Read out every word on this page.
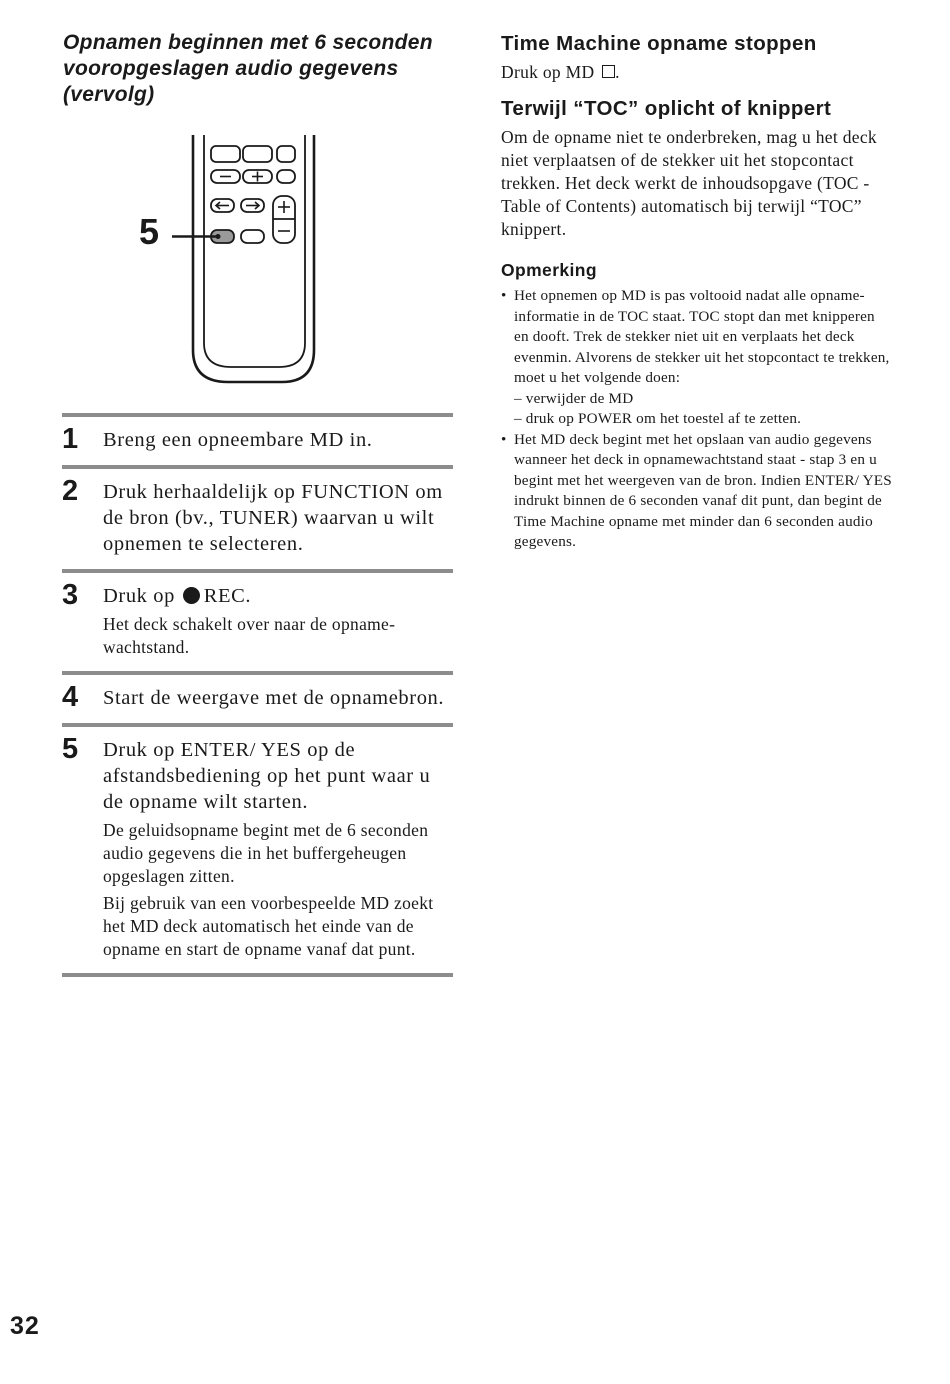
Opnamen beginnen met 6 seconden vooropgeslagen audio gegevens (vervolg)
5
1 Breng een opneembare MD in.
2 Druk herhaaldelijk op FUNCTION om de bron (bv., TUNER) waarvan u wilt opnemen te selecteren.
3 Druk op REC.
Het deck schakelt over naar de opname-wachtstand.
4 Start de weergave met de opnamebron.
5 Druk op ENTER/ YES op de afstandsbediening op het punt waar u de opname wilt starten.
De geluidsopname begint met de 6 seconden audio gegevens die in het buffergeheugen opgeslagen zitten.
Bij gebruik van een voorbespeelde MD zoekt het MD deck automatisch het einde van de opname en start de opname vanaf dat punt.
Time Machine opname stoppen
Druk op MD .
Terwijl “TOC” oplicht of knippert

Om de opname niet te onderbreken, mag u het deck niet verplaatsen of de stekker uit het stopcontact trekken. Het deck werkt de inhoudsopgave (TOC - Table of Contents) automatisch bij terwijl “TOC” knippert.

Opmerking
• Het opnemen op MD is pas voltooid nadat alle opname-informatie in de TOC staat. TOC stopt dan met knipperen en dooft. Trek de stekker niet uit en verplaats het deck evenmin. Alvorens de stekker uit het stopcontact te trekken, moet u het volgende doen:
– verwijder de MD
– druk op POWER om het toestel af te zetten.
• Het MD deck begint met het opslaan van audio gegevens wanneer het deck in opnamewachtstand staat - stap 3 en u begint met het weergeven van de bron. Indien ENTER/ YES indrukt binnen de 6 seconden vanaf dit punt, dan begint de Time Machine opname met minder dan 6 seconden audio gegevens.
32
